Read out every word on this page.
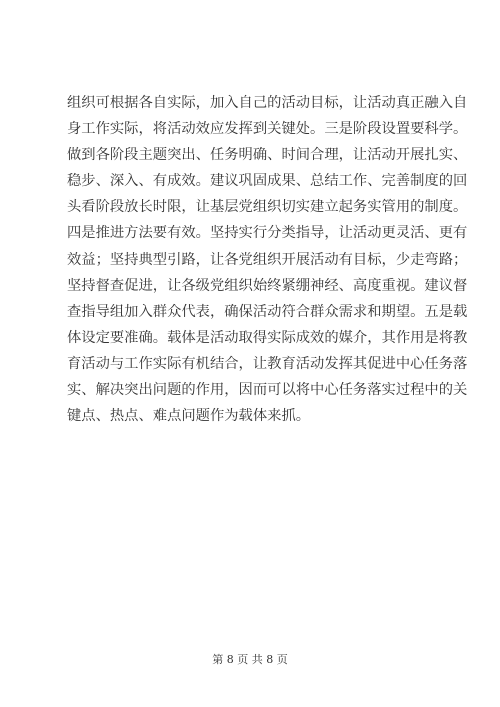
组织可根据各自实际，加入自己的活动目标，让活动真正融入自
身工作实际，将活动效应发挥到关键处。三是阶段设置要科学。
做到各阶段主题突出、任务明确、时间合理，让活动开展扎实、
稳步、深入、有成效。建议巩固成果、总结工作、完善制度的回
头看阶段放长时限，让基层党组织切实建立起务实管用的制度。
四是推进方法要有效。坚持实行分类指导，让活动更灵活、更有
效益；坚持典型引路，让各党组织开展活动有目标，少走弯路；
坚持督查促进，让各级党组织始终紧绷神经、高度重视。建议督
查指导组加入群众代表，确保活动符合群众需求和期望。五是载
体设定要准确。载体是活动取得实际成效的媒介，其作用是将教
育活动与工作实际有机结合，让教育活动发挥其促进中心任务落
实、解决突出问题的作用，因而可以将中心任务落实过程中的关
键点、热点、难点问题作为载体来抓。
第 8 页 共 8 页
